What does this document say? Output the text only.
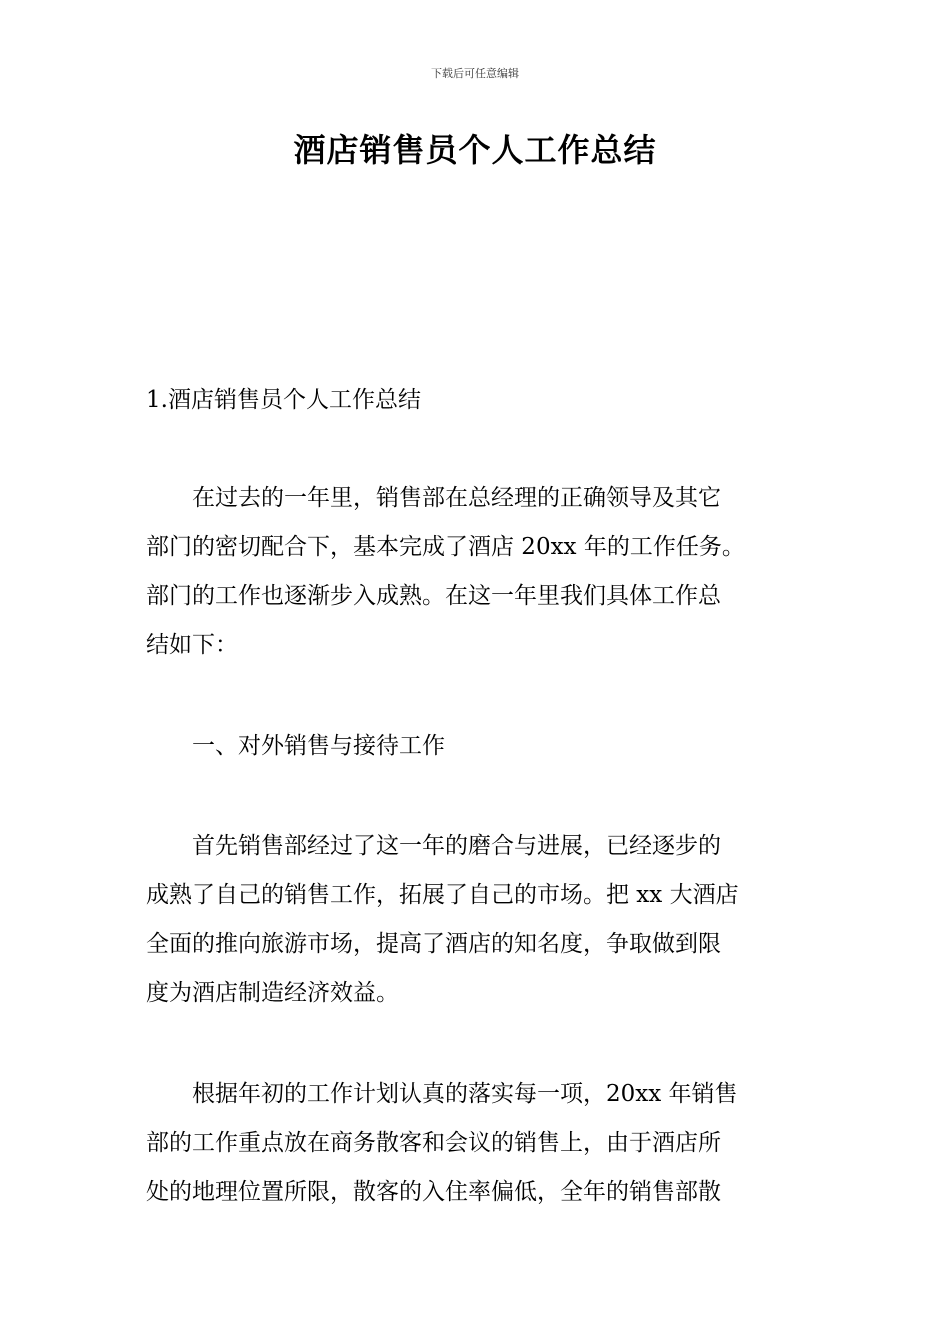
下载后可任意编辑
酒店销售员个人工作总结
1.酒店销售员个人工作总结
在过去的一年里，销售部在总经理的正确领导及其它
部门的密切配合下，基本完成了酒店 20xx 年的工作任务。
部门的工作也逐渐步入成熟。在这一年里我们具体工作总
结如下：
一、对外销售与接待工作
首先销售部经过了这一年的磨合与进展，已经逐步的
成熟了自己的销售工作，拓展了自己的市场。把 xx 大酒店
全面的推向旅游市场，提高了酒店的知名度，争取做到限
度为酒店制造经济效益。
根据年初的工作计划认真的落实每一项，20xx 年销售
部的工作重点放在商务散客和会议的销售上，由于酒店所
处的地理位置所限，散客的入住率偏低，全年的销售部散
